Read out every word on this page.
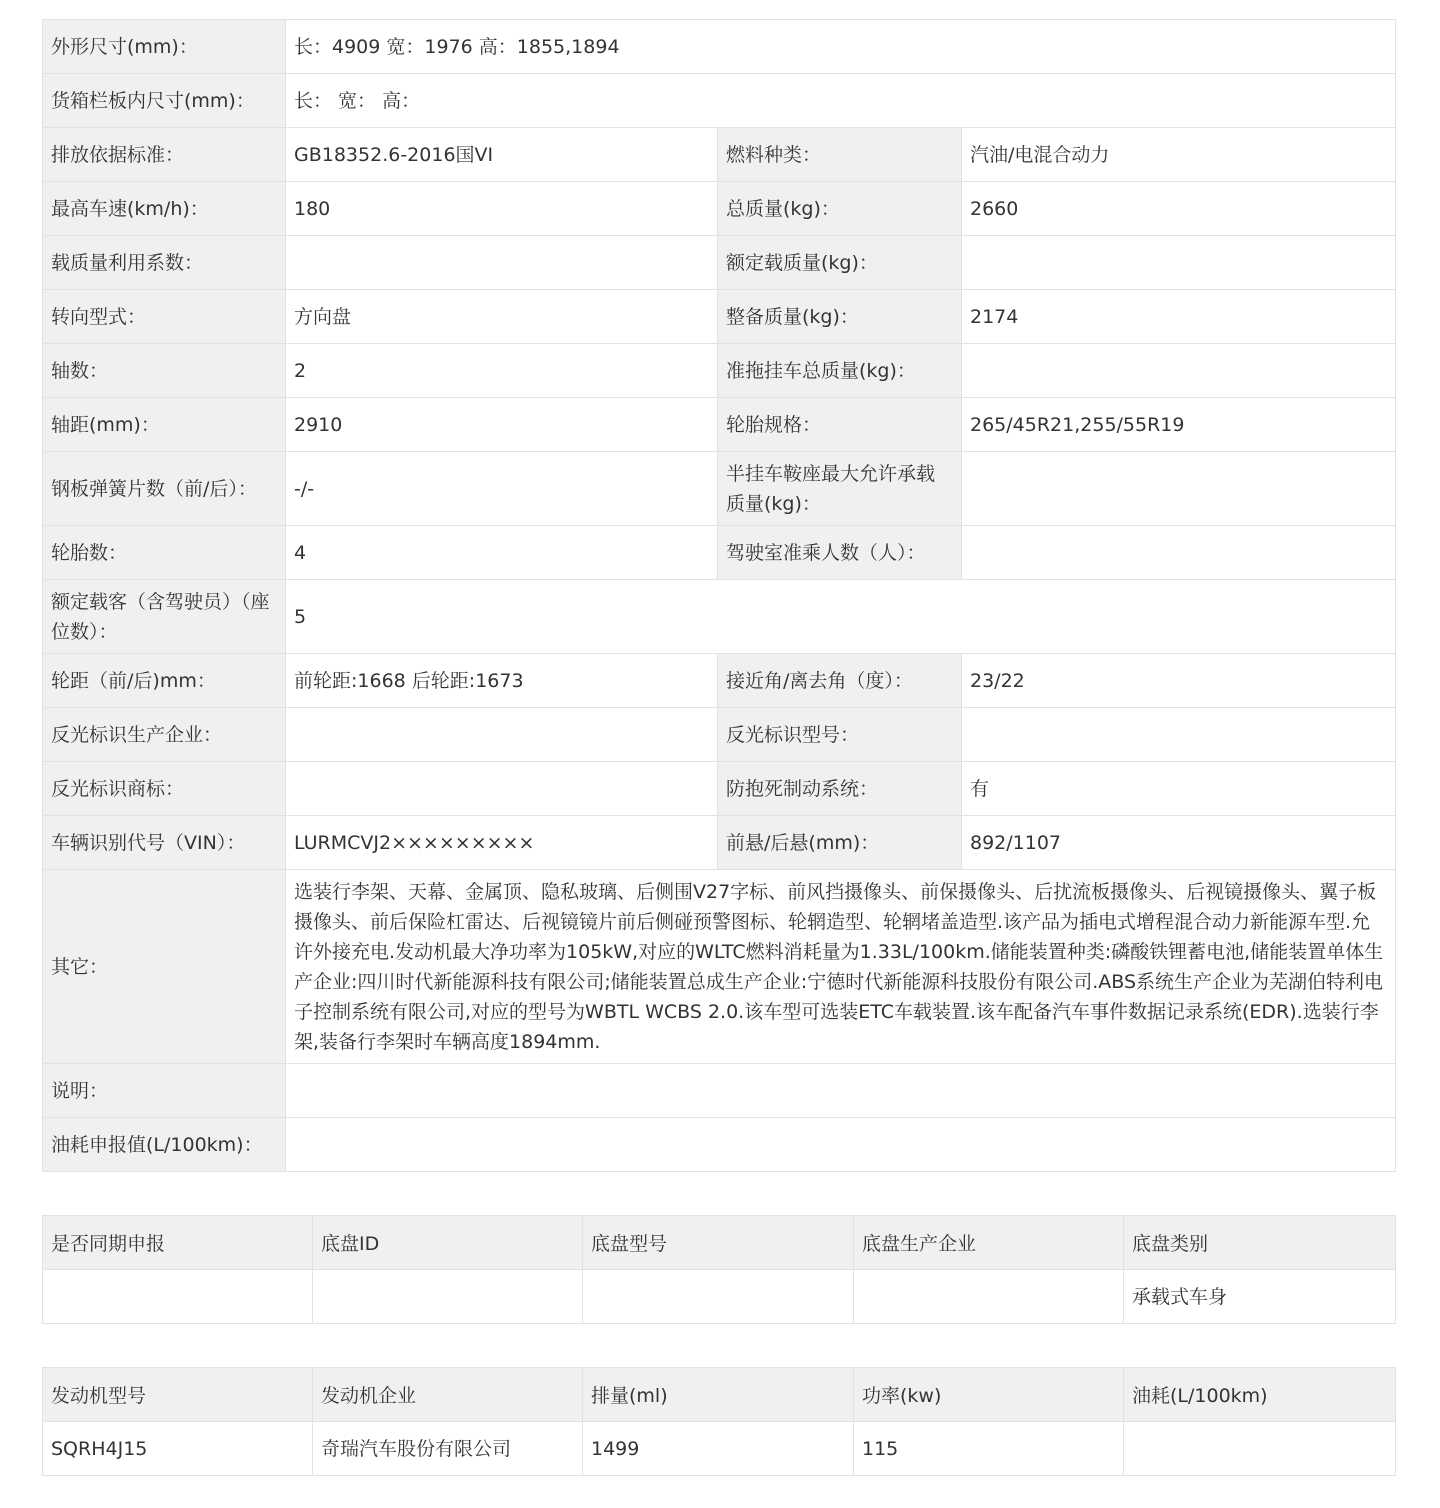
外形尺寸(mm)：	长：4909 宽：1976 高：1855,1894		
货箱栏板内尺寸(mm)：	长： 宽： 高：		
排放依据标准：	GB18352.6-2016国VI	燃料种类：	汽油/电混合动力
最高车速(km/h)：	180	总质量(kg)：	2660
载质量利用系数：		额定载质量(kg)：	
转向型式：	方向盘	整备质量(kg)：	2174
轴数：	2	准拖挂车总质量(kg)：	
轴距(mm)：	2910	轮胎规格：	265/45R21,255/55R19
钢板弹簧片数（前/后）：	-/-	半挂车鞍座最大允许承载质量(kg)：	
轮胎数：	4	驾驶室准乘人数（人）：	
额定载客（含驾驶员）（座位数）：	5		
轮距（前/后)mm：	前轮距:1668 后轮距:1673	接近角/离去角（度）：	23/22
反光标识生产企业：		反光标识型号：	
反光标识商标：		防抱死制动系统：	有
车辆识别代号（VIN）：	LURMCVJ2×××××××××	前悬/后悬(mm)：	892/1107
其它：	选装行李架、天幕、金属顶、隐私玻璃、后侧围V27字标、前风挡摄像头、前保摄像头、后扰流板摄像头、后视镜摄像头、翼子板摄像头、前后保险杠雷达、后视镜镜片前后侧碰预警图标、轮辋造型、轮辋堵盖造型.该产品为插电式增程混合动力新能源车型.允许外接充电.发动机最大净功率为105kW,对应的WLTC燃料消耗量为1.33L/100km.储能装置种类:磷酸铁锂蓄电池,储能装置单体生产企业:四川时代新能源科技有限公司;储能装置总成生产企业:宁德时代新能源科技股份有限公司.ABS系统生产企业为芜湖伯特利电子控制系统有限公司,对应的型号为WBTL WCBS 2.0.该车型可选装ETC车载装置.该车配备汽车事件数据记录系统(EDR).选装行李架,装备行李架时车辆高度1894mm.		
说明：			
油耗申报值(L/100km)：			
是否同期申报	底盘ID	底盘型号	底盘生产企业	底盘类别
				承载式车身
发动机型号	发动机企业	排量(ml)	功率(kw)	油耗(L/100km)
SQRH4J15	奇瑞汽车股份有限公司	1499	115	
